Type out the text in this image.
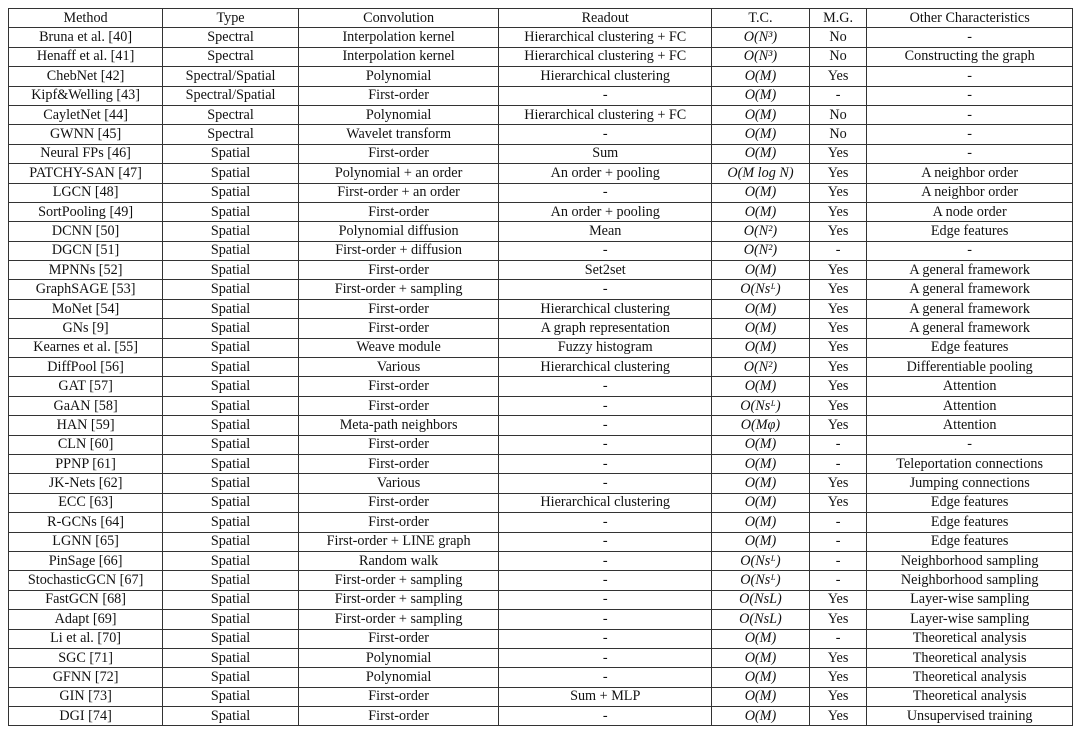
Method	Type	Convolution	Readout	T.C.	M.G.	Other Characteristics
Bruna et al. [40]	Spectral	Interpolation kernel	Hierarchical clustering + FC	O(N³)	No	-
Henaff et al. [41]	Spectral	Interpolation kernel	Hierarchical clustering + FC	O(N³)	No	Constructing the graph
ChebNet [42]	Spectral/Spatial	Polynomial	Hierarchical clustering	O(M)	Yes	-
Kipf&Welling [43]	Spectral/Spatial	First-order	-	O(M)	-	-
CayletNet [44]	Spectral	Polynomial	Hierarchical clustering + FC	O(M)	No	-
GWNN [45]	Spectral	Wavelet transform	-	O(M)	No	-
Neural FPs [46]	Spatial	First-order	Sum	O(M)	Yes	-
PATCHY-SAN [47]	Spatial	Polynomial + an order	An order + pooling	O(M log N)	Yes	A neighbor order
LGCN [48]	Spatial	First-order + an order	-	O(M)	Yes	A neighbor order
SortPooling [49]	Spatial	First-order	An order + pooling	O(M)	Yes	A node order
DCNN [50]	Spatial	Polynomial diffusion	Mean	O(N²)	Yes	Edge features
DGCN [51]	Spatial	First-order + diffusion	-	O(N²)	-	-
MPNNs [52]	Spatial	First-order	Set2set	O(M)	Yes	A general framework
GraphSAGE [53]	Spatial	First-order + sampling	-	O(Nsᴸ)	Yes	A general framework
MoNet [54]	Spatial	First-order	Hierarchical clustering	O(M)	Yes	A general framework
GNs [9]	Spatial	First-order	A graph representation	O(M)	Yes	A general framework
Kearnes et al. [55]	Spatial	Weave module	Fuzzy histogram	O(M)	Yes	Edge features
DiffPool [56]	Spatial	Various	Hierarchical clustering	O(N²)	Yes	Differentiable pooling
GAT [57]	Spatial	First-order	-	O(M)	Yes	Attention
GaAN [58]	Spatial	First-order	-	O(Nsᴸ)	Yes	Attention
HAN [59]	Spatial	Meta-path neighbors	-	O(Mφ)	Yes	Attention
CLN [60]	Spatial	First-order	-	O(M)	-	-
PPNP [61]	Spatial	First-order	-	O(M)	-	Teleportation connections
JK-Nets [62]	Spatial	Various	-	O(M)	Yes	Jumping connections
ECC [63]	Spatial	First-order	Hierarchical clustering	O(M)	Yes	Edge features
R-GCNs [64]	Spatial	First-order	-	O(M)	-	Edge features
LGNN [65]	Spatial	First-order + LINE graph	-	O(M)	-	Edge features
PinSage [66]	Spatial	Random walk	-	O(Nsᴸ)	-	Neighborhood sampling
StochasticGCN [67]	Spatial	First-order + sampling	-	O(Nsᴸ)	-	Neighborhood sampling
FastGCN [68]	Spatial	First-order + sampling	-	O(NsL)	Yes	Layer-wise sampling
Adapt [69]	Spatial	First-order + sampling	-	O(NsL)	Yes	Layer-wise sampling
Li et al. [70]	Spatial	First-order	-	O(M)	-	Theoretical analysis
SGC [71]	Spatial	Polynomial	-	O(M)	Yes	Theoretical analysis
GFNN [72]	Spatial	Polynomial	-	O(M)	Yes	Theoretical analysis
GIN [73]	Spatial	First-order	Sum + MLP	O(M)	Yes	Theoretical analysis
DGI [74]	Spatial	First-order	-	O(M)	Yes	Unsupervised training
